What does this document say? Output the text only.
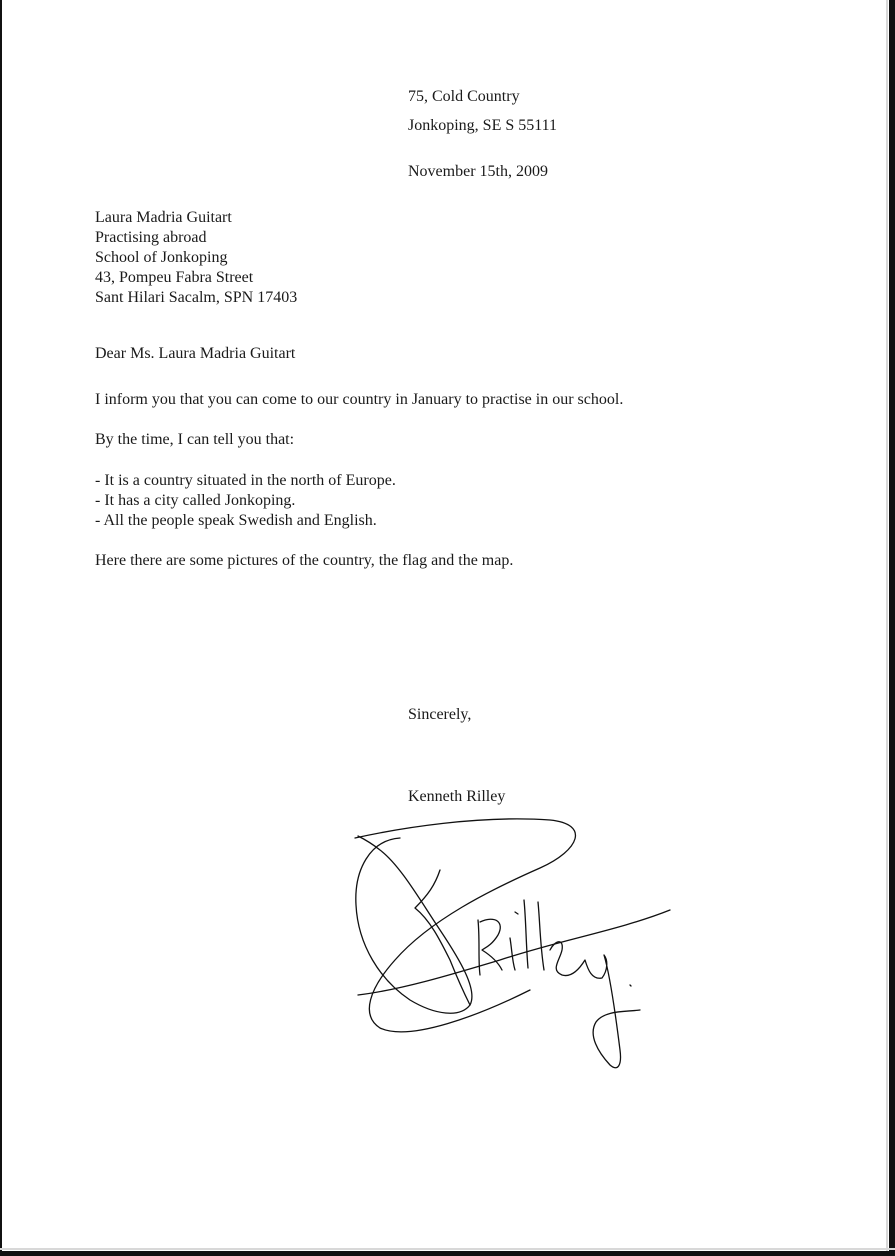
75, Cold Country

Jonkoping, SE S 55111

November 15th, 2009

Laura Madria Guitart
Practising abroad
School of Jonkoping
43, Pompeu Fabra Street
Sant Hilari Sacalm, SPN 17403

Dear Ms. Laura Madria Guitart

I inform you that you can come to our country in January to practise in our school.

By the time, I can tell you that:

- It is a country situated in the north of Europe.
- It has a city called Jonkoping.
- All the people speak Swedish and English.

Here there are some pictures of the country, the flag and the map.

Sincerely,

Kenneth Rilley
